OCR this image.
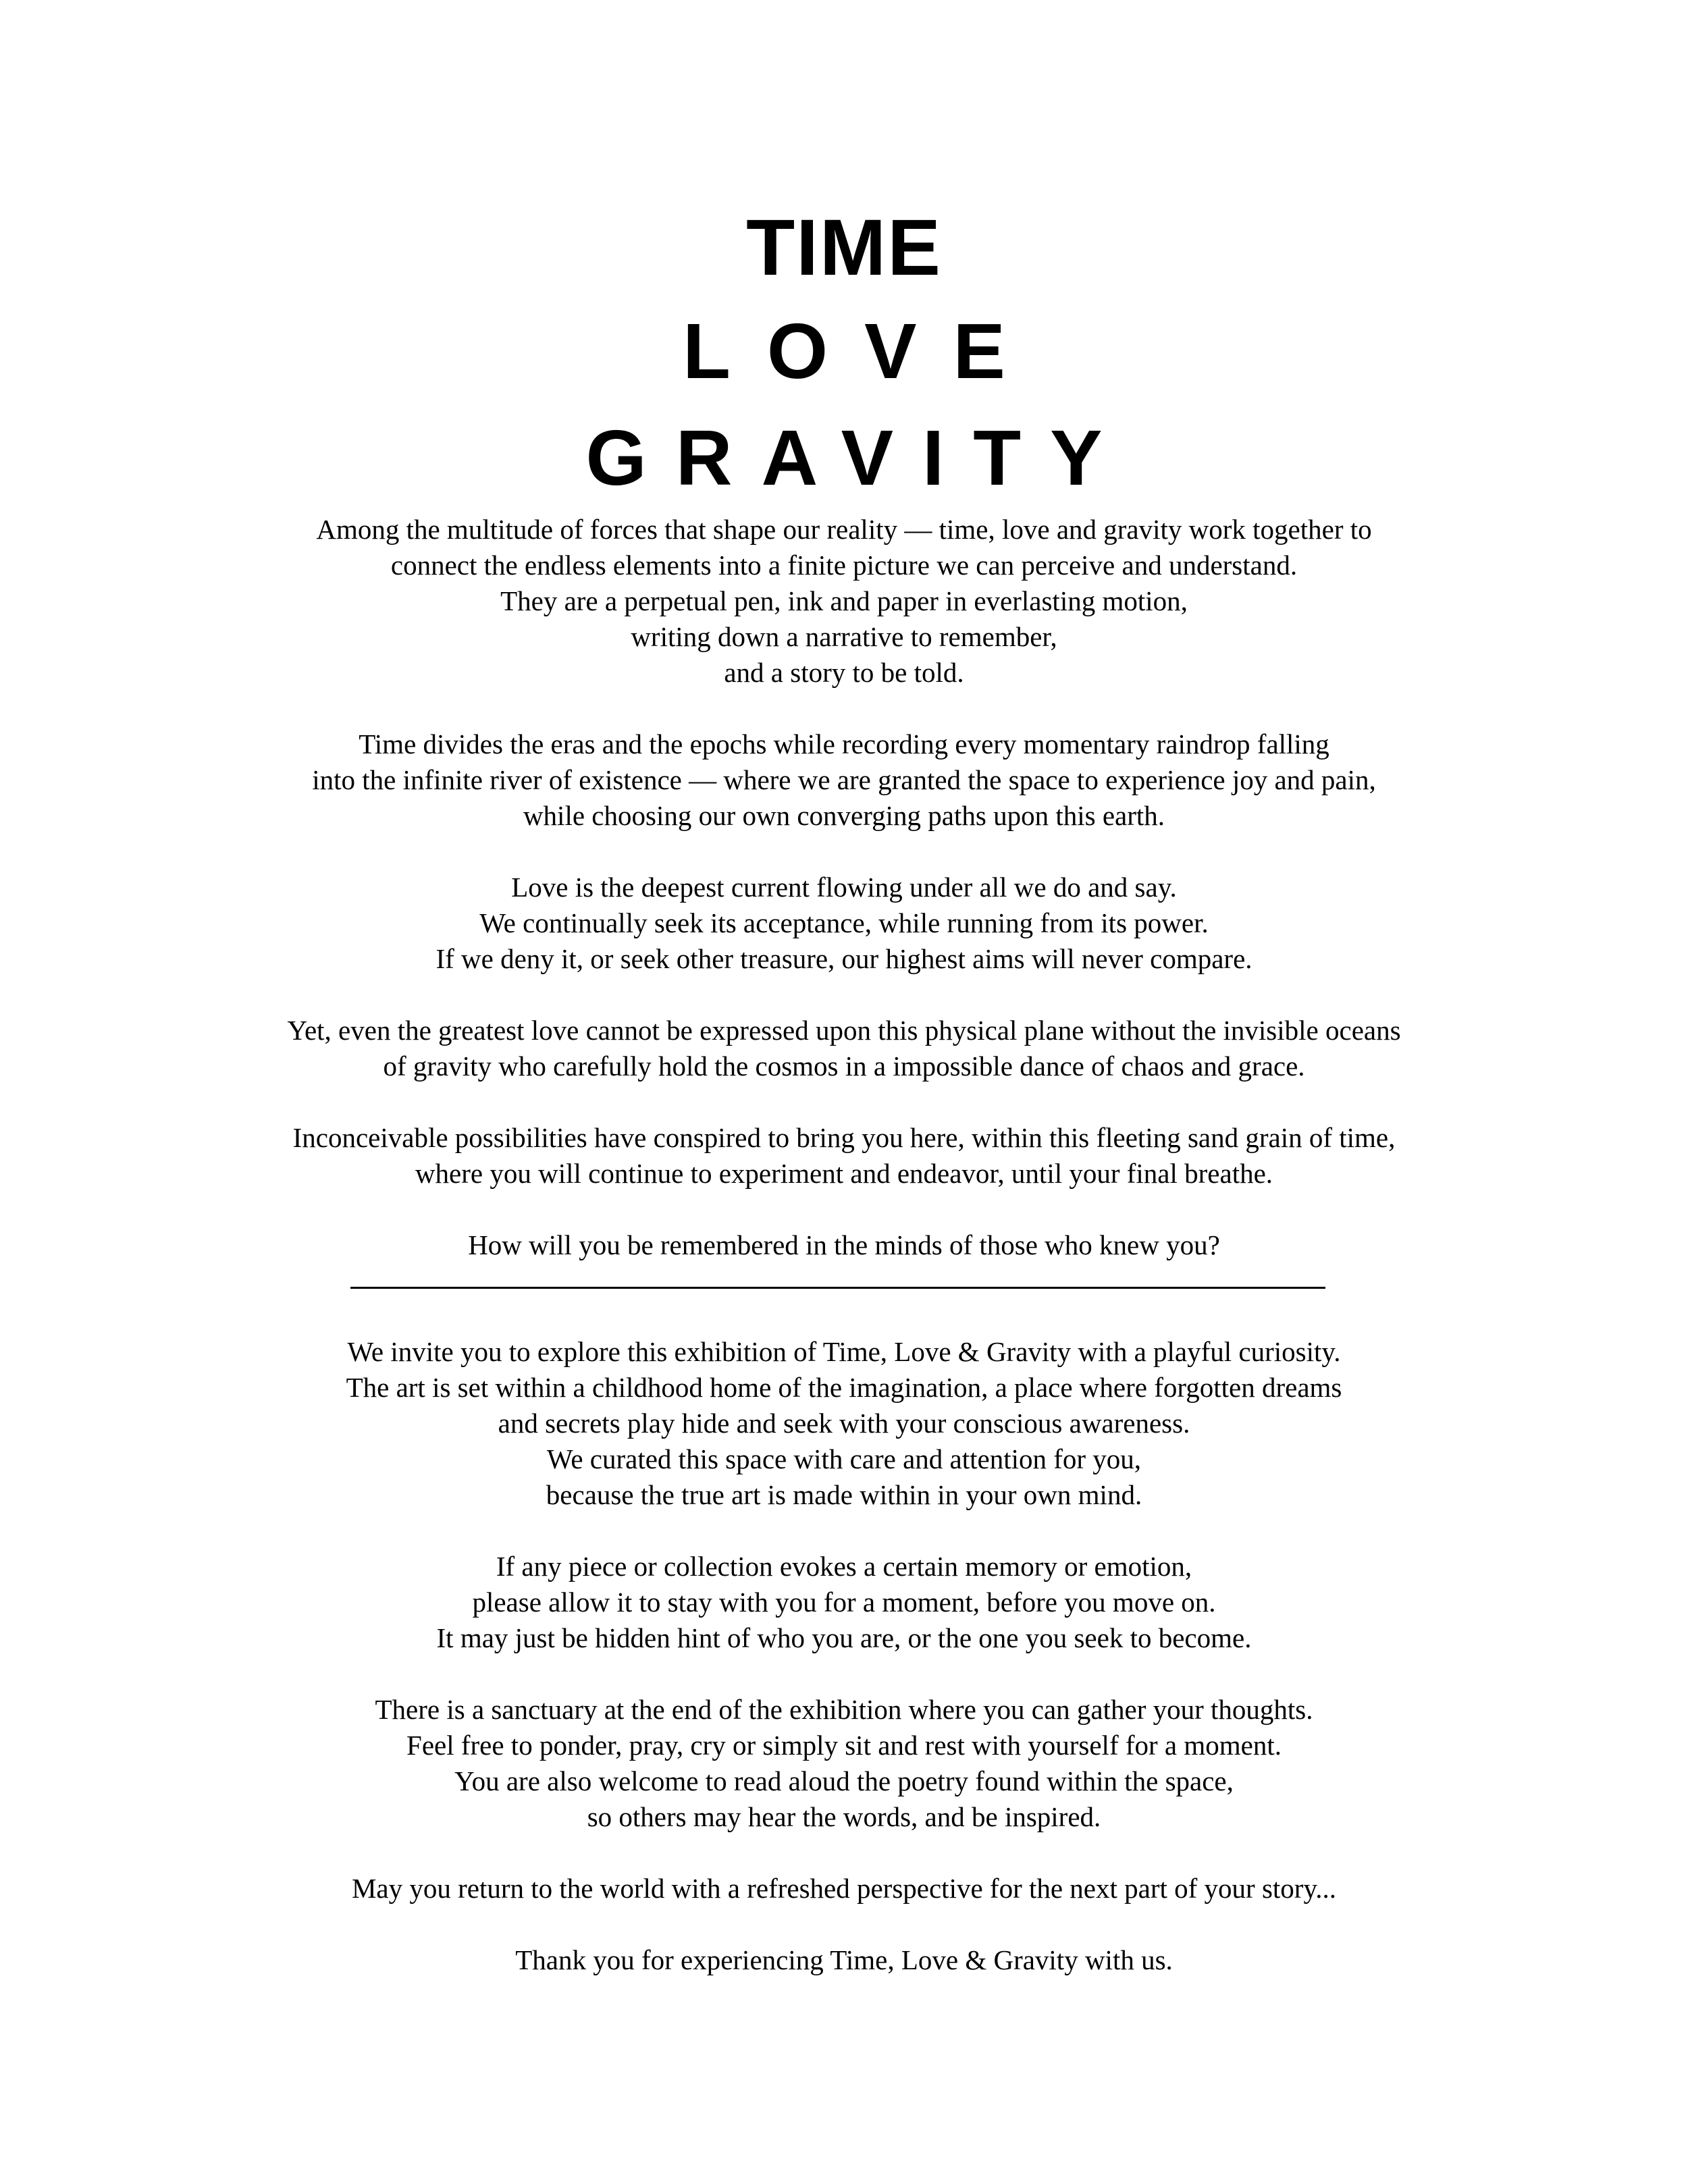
TIME
LOVE
GRAVITY
Among the multitude of forces that shape our reality — time, love and gravity work together to
connect the endless elements into a finite picture we can perceive and understand.
They are a perpetual pen, ink and paper in everlasting motion,
writing down a narrative to remember,
and a story to be told.
Time divides the eras and the epochs while recording every momentary raindrop falling
into the infinite river of existence — where we are granted the space to experience joy and pain,
while choosing our own converging paths upon this earth.
Love is the deepest current flowing under all we do and say.
We continually seek its acceptance, while running from its power.
If we deny it, or seek other treasure, our highest aims will never compare.
Yet, even the greatest love cannot be expressed upon this physical plane without the invisible oceans
of gravity who carefully hold the cosmos in a impossible dance of chaos and grace.
Inconceivable possibilities have conspired to bring you here, within this fleeting sand grain of time,
where you will continue to experiment and endeavor, until your final breathe.
How will you be remembered in the minds of those who knew you?
We invite you to explore this exhibition of Time, Love & Gravity with a playful curiosity.
The art is set within a childhood home of the imagination, a place where forgotten dreams
and secrets play hide and seek with your conscious awareness.
We curated this space with care and attention for you,
because the true art is made within in your own mind.
If any piece or collection evokes a certain memory or emotion,
please allow it to stay with you for a moment, before you move on.
It may just be hidden hint of who you are, or the one you seek to become.
There is a sanctuary at the end of the exhibition where you can gather your thoughts.
Feel free to ponder, pray, cry or simply sit and rest with yourself for a moment.
You are also welcome to read aloud the poetry found within the space,
so others may hear the words, and be inspired.
May you return to the world with a refreshed perspective for the next part of your story...
Thank you for experiencing Time, Love & Gravity with us.
